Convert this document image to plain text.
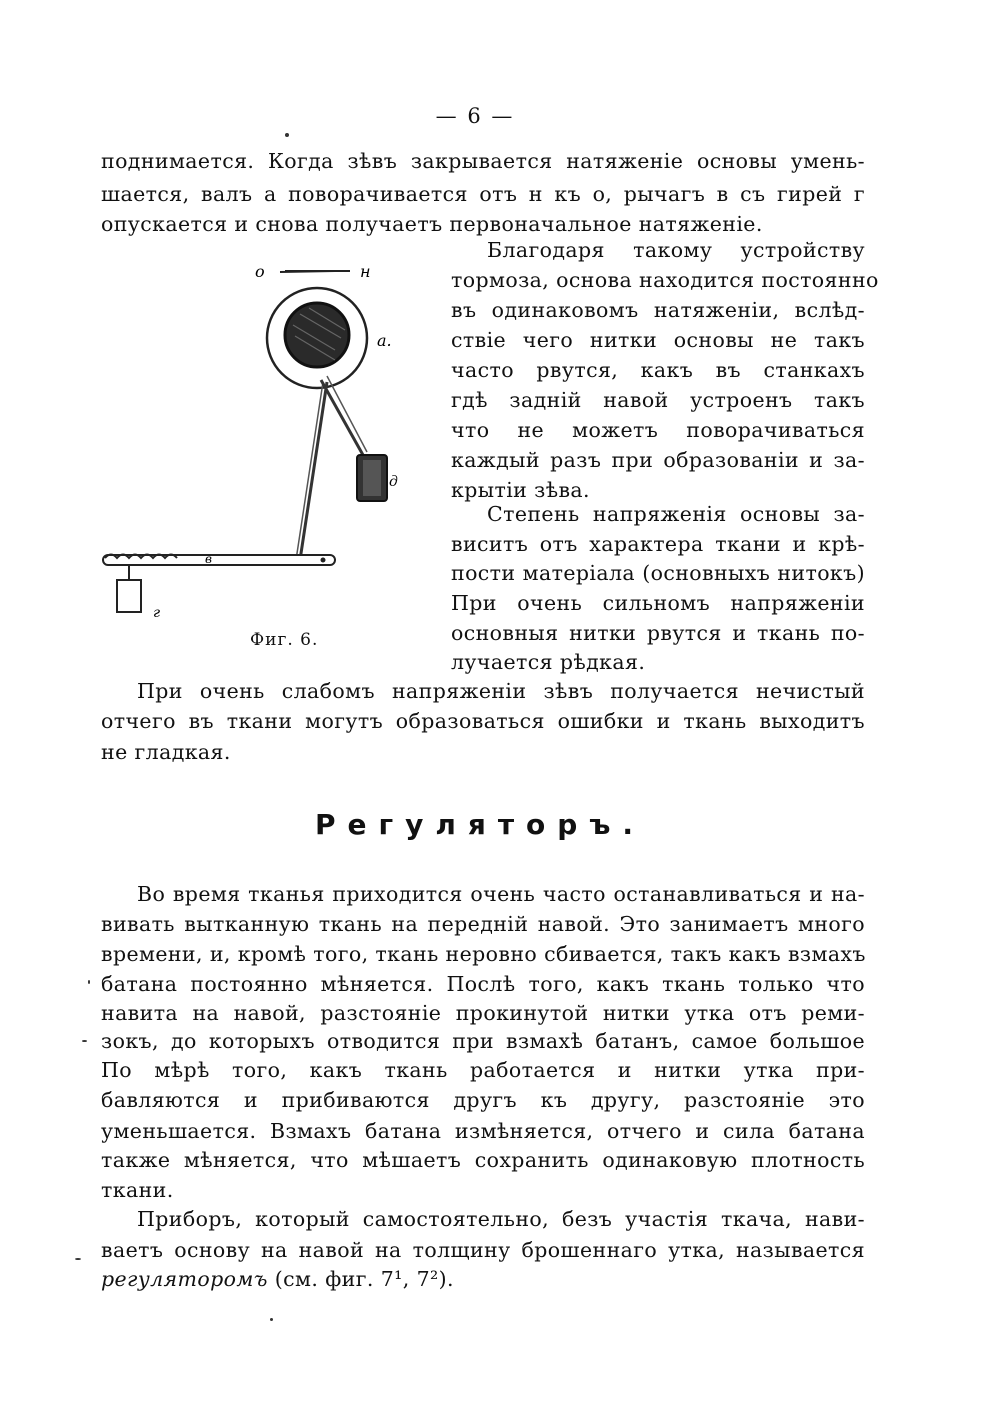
— 6 —
поднимается. Когда зѣвъ закрывается натяженіе основы умень-
шается, валъ а поворачивается отъ н къ о, рычагъ в съ гирей г
опускается и снова получаетъ первоначальное натяженіе.
о	н
а.
д
в
г
Фиг. 6.
Благодаря такому устройству
тормоза, основа находится постоянно
въ одинаковомъ натяженіи, вслѣд-
ствіе чего нитки основы не такъ
часто рвутся, какъ въ станкахъ
гдѣ задній навой устроенъ такъ
что не можетъ поворачиваться
каждый разъ при образованіи и за-
крытіи зѣва.
Степень напряженія основы за-
виситъ отъ характера ткани и крѣ-
пости матеріала (основныхъ нитокъ)
При очень сильномъ напряженіи
основныя нитки рвутся и ткань по-
лучается рѣдкая.
При очень слабомъ напряженіи зѣвъ получается нечистый
отчего въ ткани могутъ образоваться ошибки и ткань выходитъ
не гладкая.
Регуляторъ.
Во время тканья приходится очень часто останавливаться и на-
вивать вытканную ткань на передній навой. Это занимаетъ много
времени, и, кромѣ того, ткань неровно сбивается, такъ какъ взмахъ
батана постоянно мѣняется. Послѣ того, какъ ткань только что
навита на навой, разстояніе прокинутой нитки утка отъ реми-
зокъ, до которыхъ отводится при взмахѣ батанъ, самое большое
По мѣрѣ того, какъ ткань работается и нитки утка при-
бавляются и прибиваются другъ къ другу, разстояніе это
уменьшается. Взмахъ батана измѣняется, отчего и сила батана
также мѣняется, что мѣшаетъ сохранить одинаковую плотность
ткани.
Приборъ, который самостоятельно, безъ участія ткача, нави-
ваетъ основу на навой на толщину брошеннаго утка, называется
регуляторомъ (см. фиг. 7¹, 7²).
